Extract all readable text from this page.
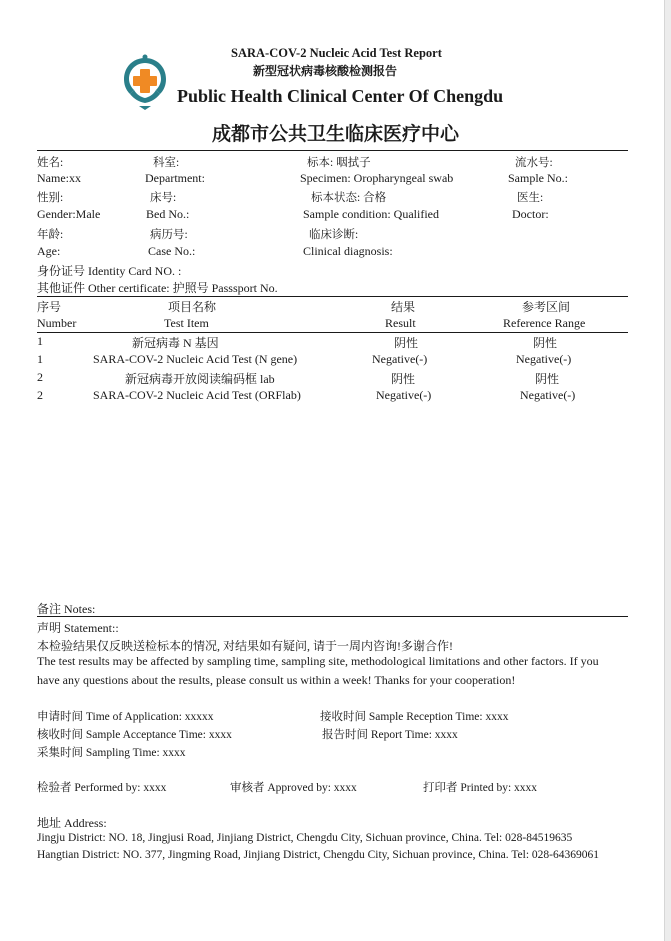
SARA-COV-2 Nucleic Acid Test Report
新型冠状病毒核酸检测报告
Public Health Clinical Center Of Chengdu
成都市公共卫生临床医疗中心
姓名:	科室:	标本: 咽拭子	流水号:
Name:xx	Department:	Specimen: Oropharyngeal swab	Sample No.:
性别:	床号:	标本状态: 合格	医生:
Gender:Male	Bed No.:	Sample condition: Qualified	Doctor:
年龄:	病历号:	临床诊断:
Age:	Case No.:	Clinical diagnosis:
身份证号 Identity Card NO. :
其他证件 Other certificate: 护照号 Passsport No.
序号	项目名称	结果	参考区间
Number	Test Item	Result	Reference Range
1	新冠病毒 N 基因	阴性	阴性
1	SARA-COV-2 Nucleic Acid Test (N gene)	Negative(-)	Negative(-)
2	新冠病毒开放阅读编码框 lab	阴性	阴性
2	SARA-COV-2 Nucleic Acid Test (ORFlab)	Negative(-)	Negative(-)
备注 Notes:
声明 Statement::
本检验结果仅反映送检标本的情况, 对结果如有疑问, 请于一周内咨询!多谢合作!
The test results may be affected by sampling time, sampling site, methodological limitations and other factors. If you
have any questions about the results, please consult us within a week! Thanks for your cooperation!
申请时间 Time of Application: xxxxx	接收时间 Sample Reception Time: xxxx
核收时间 Sample Acceptance Time: xxxx	报告时间 Report Time: xxxx
采集时间 Sampling Time: xxxx
检验者 Performed by: xxxx	审核者 Approved by: xxxx	打印者 Printed by: xxxx
地址 Address:
Jingju District: NO. 18, Jingjusi Road, Jinjiang District, Chengdu City, Sichuan province, China. Tel: 028-84519635
Hangtian District: NO. 377, Jingming Road, Jinjiang District, Chengdu City, Sichuan province, China. Tel: 028-64369061
